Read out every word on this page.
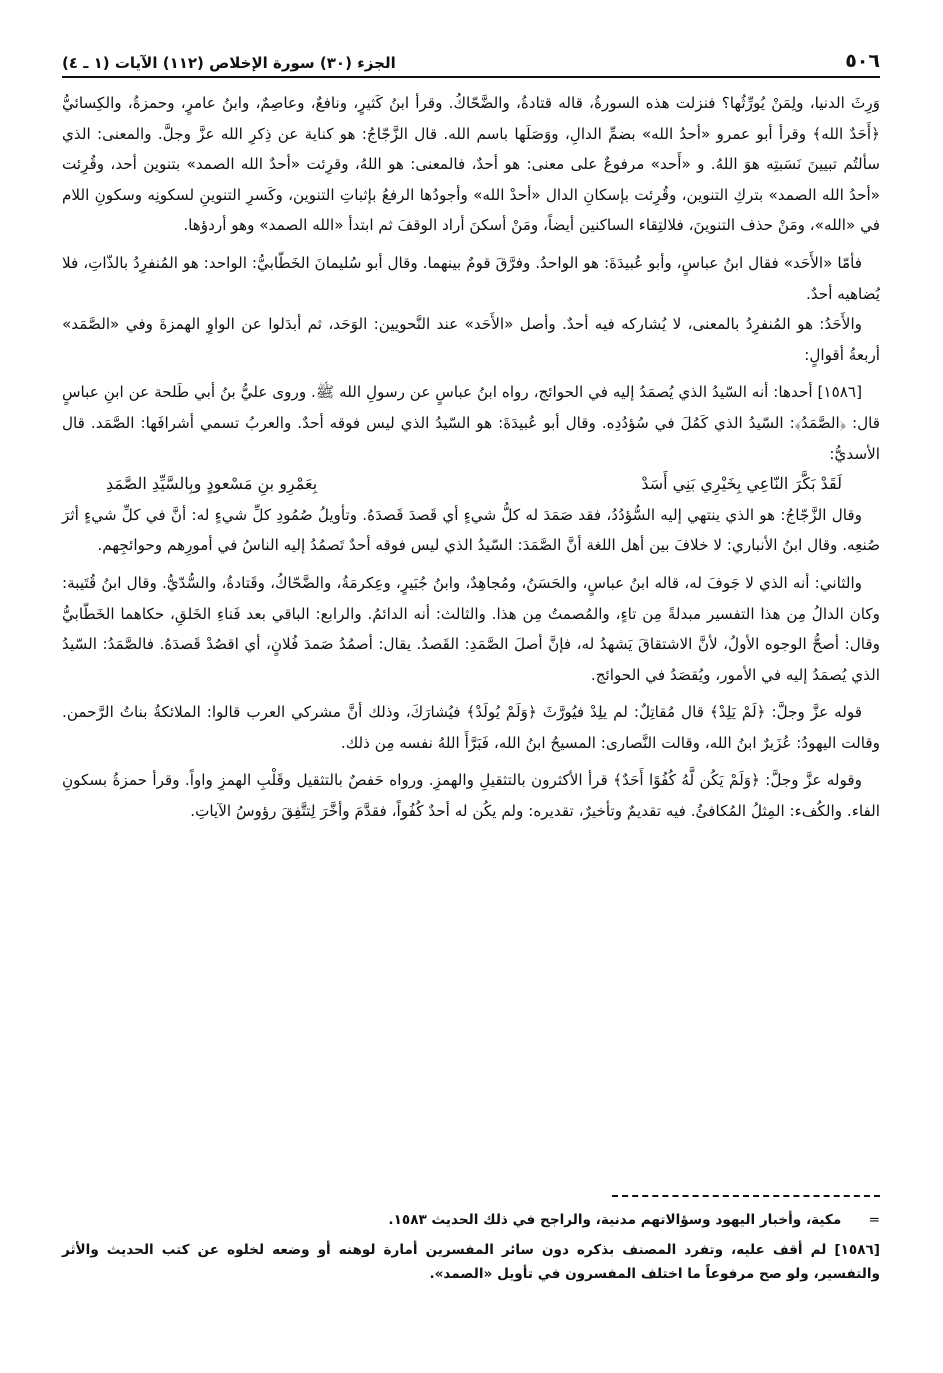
٥٠٦
الجزء (٣٠) سورة الإخلاص (١١٢) الآيات (١ ـ ٤)

وَرِثَ الدنيا، ولِمَنْ يُورِّثُها؟ فنزلت هذه السورةُ، قاله قتادةُ، والضَّحّاكُ. وقرأ ابنُ كَثيرٍ، ونافعٌ، وعاصِمٌ، وابنُ عامرٍ، وحمزةُ، والكِسائيُّ ﴿أَحَدٌ الله﴾ وقرأ أبو عمرو «أحدُ الله» بضمِّ الدالِ، ووَصَلَها باسم الله. قال الزَّجّاجُ: هو كناية عن ذِكرِ الله عزَّ وجلَّ. والمعنى: الذي سألتُم تبيينَ نَسَبتِه هوَ اللهُ. و «أَحد» مرفوعٌ على معنى: هو أحدٌ، فالمعنى: هو اللهُ، وقرِئت «أحدٌ الله الصمد» بتنوين أحد، وقُرِئت «أحدُ الله الصمد» بتركِ التنوين، وقُرِئت بإسكانِ الدال «أحدْ الله» وأجودُها الرفعُ بإثباتِ التنوين، وكَسرِ التنوينِ لسكونِه وسكونِ اللام في «الله»، ومَنْ حذف التنوينَ، فلالتِقاء الساكنين أيضاً، ومَنْ أسكنَ أراد الوقفَ ثم ابتدأ «الله الصمد» وهو أردؤها.

فأمّا «الأَحَد» فقال ابنُ عباسٍ، وأبو عُبيدَةَ: هو الواحدُ. وفرَّقَ قومٌ بينهما. وقال أبو سُليمانَ الخَطّابيُّ: الواحد: هو المُنفرِدُ بالذّاتِ، فلا يُضاهيه أحدٌ.

والأَحَدُ: هو المُنفرِدُ بالمعنى، لا يُشاركه فيه أحدٌ. وأصل «الأَحَد» عند النَّحويين: الوَحَد، ثم أبدَلوا عن الواوِ الهمزةَ وفي «الصَّمَد» أربعةُ أقوالٍ:

[١٥٨٦] أحدها: أنه السّيدُ الذي يُصمَدُ إليه في الحوائج، رواه ابنُ عباسٍ عن رسولِ الله ﷺ. وروى عليُّ بنُ أبي طَلحة عن ابنِ عباسٍ قال: ﴿الصَّمَدُ﴾: السّيدُ الذي كَمُلَ في سُؤدُدِه. وقال أبو عُبيدَةَ: هو السّيدُ الذي ليس فوقه أحدٌ. والعربُ تسمي أشرافَها: الصَّمَد. قال الأسديُّ:

لَقَدْ بَكَّرَ النّاعِي بِخَيْرِي بَنِي أَسَدْ
بِعَمْرِو بنِ مَسْعودٍ وبِالسَّيِّدِ الصَّمَدِ

وقال الزَّجّاجُ: هو الذي ينتهي إليه السُّؤدُدُ، فقد صَمَدَ له كلُّ شيءٍ أي قَصدَ قَصدَهُ. وتأويلُ صُمُودِ كلِّ شيءٍ له: أنَّ في كلِّ شيءٍ أثرَ صُنعِه. وقال ابنُ الأنباري: لا خلافَ بين أهل اللغة أنَّ الصَّمَدَ: السّيدُ الذي ليس فوقه أحدٌ تَصمُدُ إليه الناسُ في أمورِهم وحوائجِهم.

والثاني: أنه الذي لا جَوفَ له، قاله ابنُ عباسٍ، والحَسَنُ، ومُجاهِدٌ، وابنُ جُبَيرٍ، وعِكرمَةُ، والضَّحّاكُ، وقَتادةُ، والسُّدّيُّ. وقال ابنُ قُتَيبة: وكان الدالُ مِن هذا التفسير مبدلةً مِن تاءٍ، والمُصمتُ مِن هذا. والثالث: أنه الدائمُ. والرابع: الباقي بعد فَناءِ الخَلقِ، حكاهما الخَطّابيُّ وقال: أصحُّ الوجوه الأولُ، لأنَّ الاشتقاقَ يَشهدُ له، فإنَّ أصلَ الصَّمَدِ: القَصدُ. يقال: أصمُدُ صَمدَ فُلانٍ، أي اقصُدْ قَصدَهُ. فالصَّمَدُ: السّيدُ الذي يُصمَدُ إليه في الأمور، ويُقصَدُ في الحوائج.

قوله عزَّ وجلَّ: ﴿لَمْ يَلِدْ﴾ قال مُقاتِلٌ: لم يلِدْ فيُورَّثَ ﴿وَلَمْ يُولَدْ﴾ فيُشارَكَ، وذلك أنَّ مشركي العرب قالوا: الملائكةُ بناتُ الرَّحمن. وقالت اليهودُ: عُزَيرٌ ابنُ الله، وقالت النَّصارى: المسيحُ ابنُ الله، فَبَرَّأَ اللهُ نفسه مِن ذلك.

وقوله عزَّ وجلَّ: ﴿وَلَمْ يَكُن لَّهُ كُفُوًا أَحَدٌ﴾ قرأ الأكثرون بالتثقيلِ والهمزِ. ورواه حَفصٌ بالتثقيل وقَلْبِ الهمزِ واواً. وقرأ حمزةُ بسكونِ الفاء. والكُفء: المِثلُ المُكافئُ. فيه تقديمٌ وتأخيرٌ، تقديره: ولم يكُن له أحدٌ كُفُواً، فقدَّمَ وأخَّرَ لِتتَّفِقَ رؤوسُ الآياتِ.

= مكية، وأخبار اليهود وسؤالاتهم مدنية، والراجح في ذلك الحديث ١٥٨٣.

[١٥٨٦] لم أقف عليه، وتفرد المصنف بذكره دون سائر المفسرين أمارة لوهنه أو وضعه لخلوه عن كتب الحديث والأثر والتفسير، ولو صح مرفوعاً ما اختلف المفسرون في تأويل «الصمد».
